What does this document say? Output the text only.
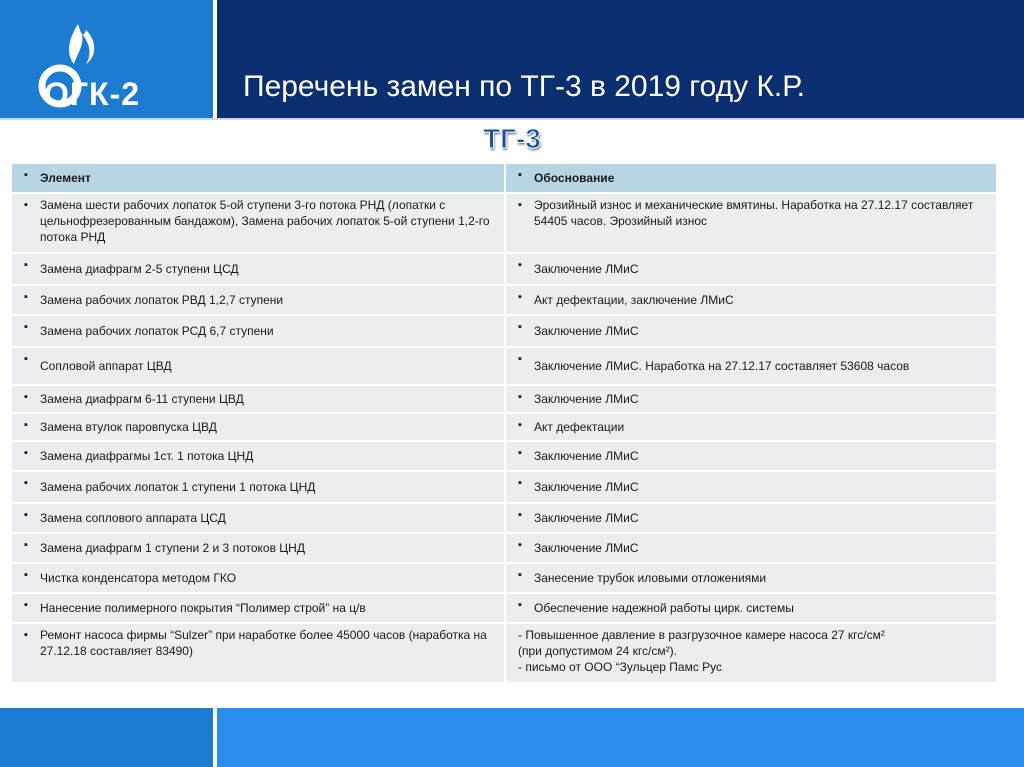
ОГК-2	Перечень замен по ТГ-3 в 2019 году К.Р.
ТГ-3
▪ Элемент	▪ Обоснование
▪ Замена шести рабочих лопаток 5-ой ступени 3-го потока РНД (лопатки с цельнофрезерованным бандажом), Замена рабочих лопаток 5-ой ступени 1,2-го потока РНД	▪ Эрозийный износ и механические вмятины. Наработка на 27.12.17 составляет 54405 часов. Эрозийный износ
▪ Замена диафрагм 2-5 ступени ЦСД	▪ Заключение ЛМиС
▪ Замена рабочих лопаток РВД 1,2,7 ступени	▪ Акт дефектации, заключение ЛМиС
▪ Замена рабочих лопаток РСД 6,7 ступени	▪ Заключение ЛМиС
▪ Сопловой аппарат ЦВД	▪ Заключение ЛМиС. Наработка на 27.12.17 составляет 53608 часов
▪ Замена диафрагм 6-11 ступени ЦВД	▪ Заключение ЛМиС
▪ Замена втулок паровпуска ЦВД	▪ Акт дефектации
▪ Замена диафрагмы 1ст. 1 потока ЦНД	▪ Заключение ЛМиС
▪ Замена рабочих лопаток 1 ступени 1 потока ЦНД	▪ Заключение ЛМиС
▪ Замена соплового аппарата ЦСД	▪ Заключение ЛМиС
▪ Замена диафрагм 1 ступени 2 и 3 потоков ЦНД	▪ Заключение ЛМиС
▪ Чистка конденсатора методом ГКО	▪ Занесение трубок иловыми отложениями
▪ Нанесение полимерного покрытия “Полимер строй” на ц/в	▪ Обеспечение надежной работы цирк. системы
▪ Ремонт насоса фирмы “Sulzer” при наработке более 45000 часов (наработка на 27.12.18 составляет 83490)	- Повышенное давление в разгрузочное камере насоса 27 кгс/см²
(при допустимом 24 кгс/см²).
- письмо от ООО “Зульцер Памс Рус
